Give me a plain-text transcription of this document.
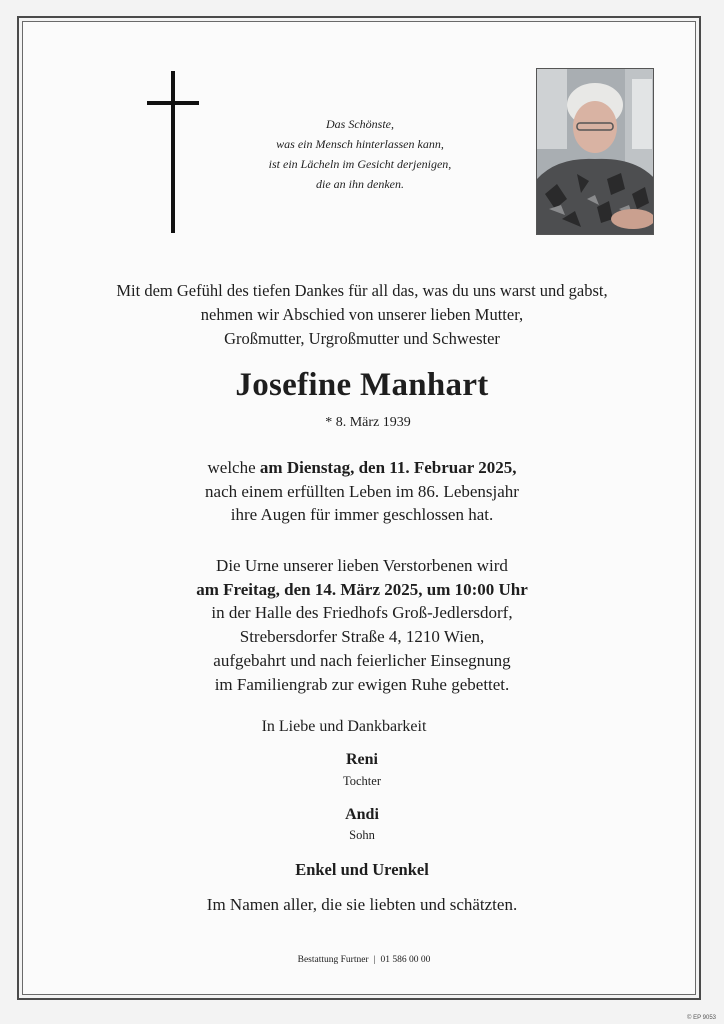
Das Schönste,
was ein Mensch hinterlassen kann,
ist ein Lächeln im Gesicht derjenigen,
die an ihn denken.
Mit dem Gefühl des tiefen Dankes für all das, was du uns warst und gabst,
nehmen wir Abschied von unserer lieben Mutter,
Großmutter, Urgroßmutter und Schwester
Josefine Manhart
* 8. März 1939
welche am Dienstag, den 11. Februar 2025,
nach einem erfüllten Leben im 86. Lebensjahr
ihre Augen für immer geschlossen hat.
Die Urne unserer lieben Verstorbenen wird
am Freitag, den 14. März 2025, um 10:00 Uhr
in der Halle des Friedhofs Groß-Jedlersdorf,
Strebersdorfer Straße 4, 1210 Wien,
aufgebahrt und nach feierlicher Einsegnung
im Familiengrab zur ewigen Ruhe gebettet.
In Liebe und Dankbarkeit
Reni
Tochter
Andi
Sohn
Enkel und Urenkel
Im Namen aller, die sie liebten und schätzten.
Bestattung Furtner | 01 586 00 00
© EP 9053
